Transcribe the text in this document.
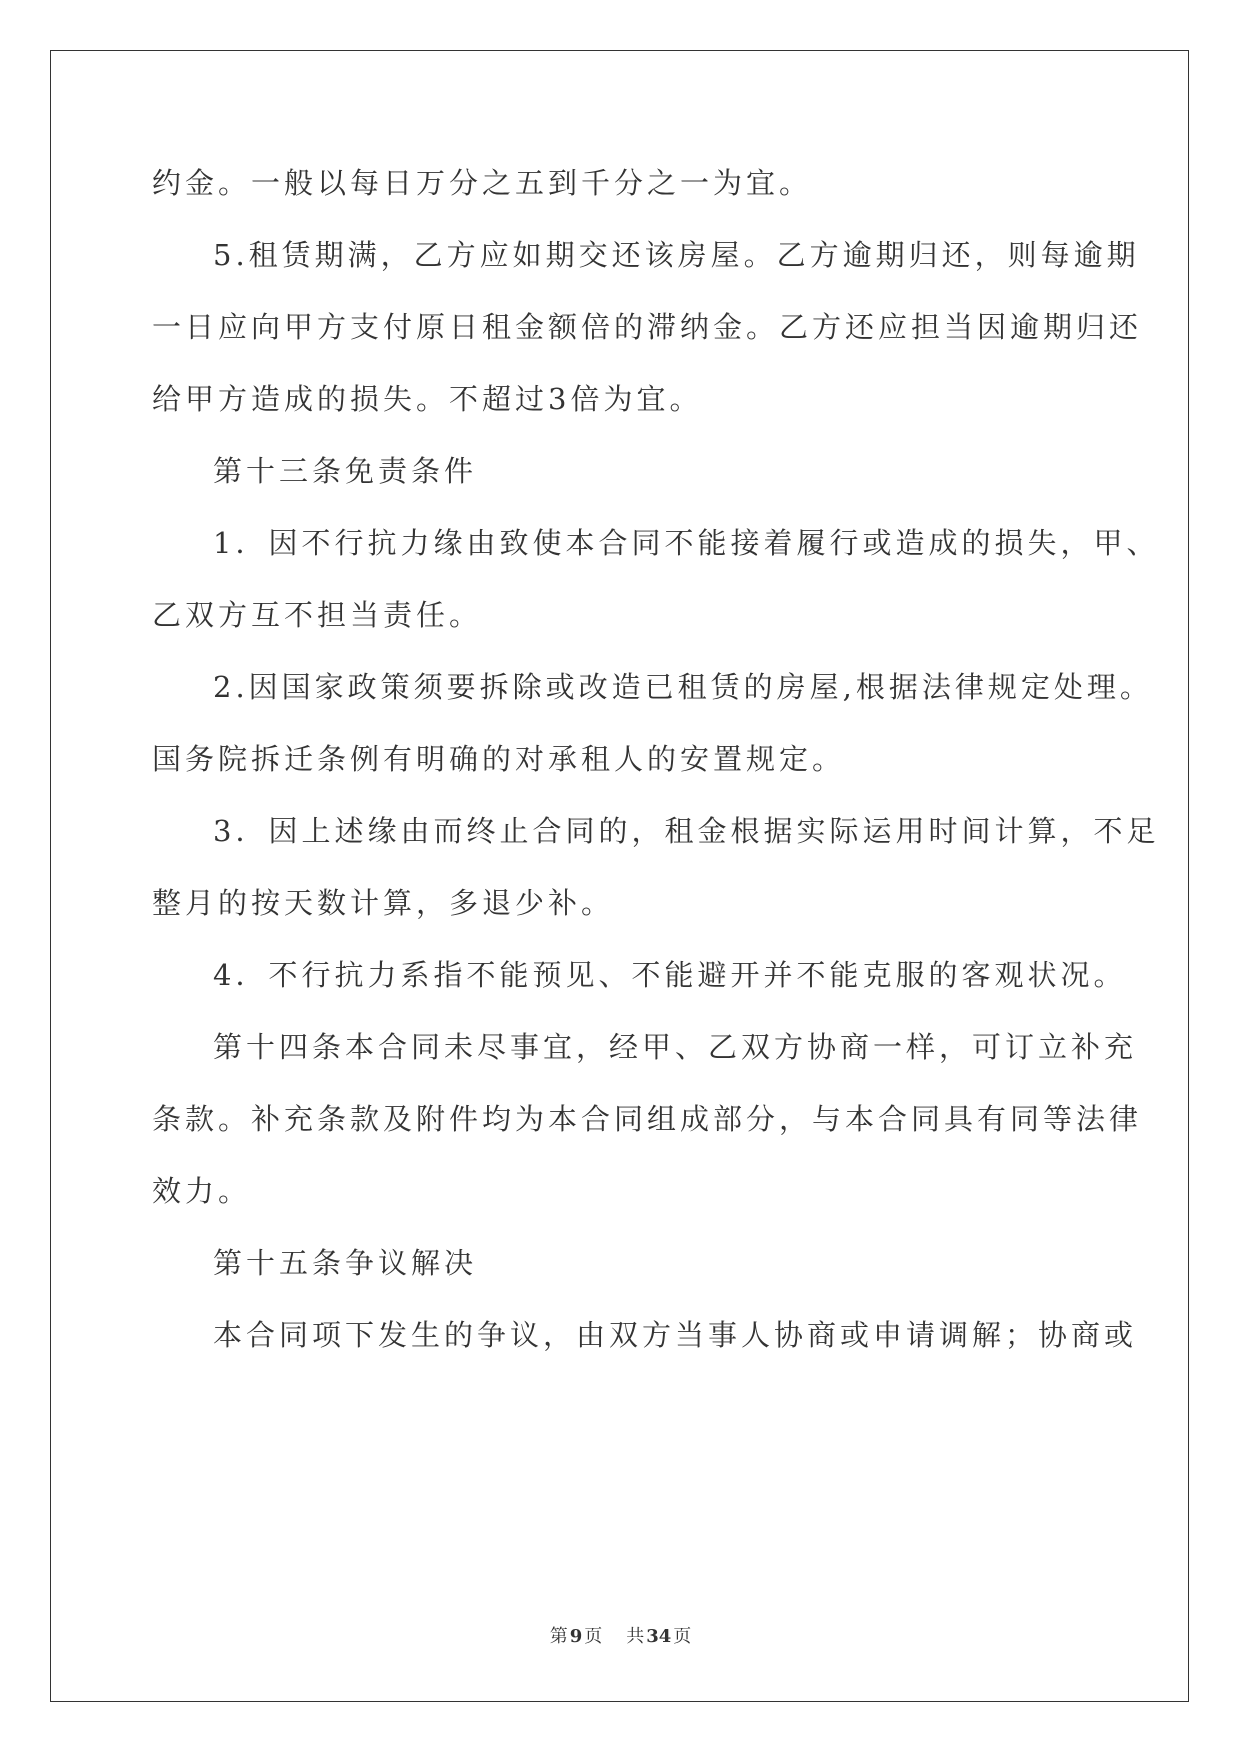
约金。一般以每日万分之五到千分之一为宜。
5.租赁期满，乙方应如期交还该房屋。乙方逾期归还，则每逾期
一日应向甲方支付原日租金额倍的滞纳金。乙方还应担当因逾期归还
给甲方造成的损失。不超过3倍为宜。
第十三条免责条件
1．因不行抗力缘由致使本合同不能接着履行或造成的损失，甲、
乙双方互不担当责任。
2.因国家政策须要拆除或改造已租赁的房屋,根据法律规定处理。
国务院拆迁条例有明确的对承租人的安置规定。
3．因上述缘由而终止合同的，租金根据实际运用时间计算，不足
整月的按天数计算，多退少补。
4．不行抗力系指不能预见、不能避开并不能克服的客观状况。
第十四条本合同未尽事宜，经甲、乙双方协商一样，可订立补充
条款。补充条款及附件均为本合同组成部分，与本合同具有同等法律
效力。
第十五条争议解决
本合同项下发生的争议，由双方当事人协商或申请调解；协商或
第 9 页 共 34 页
